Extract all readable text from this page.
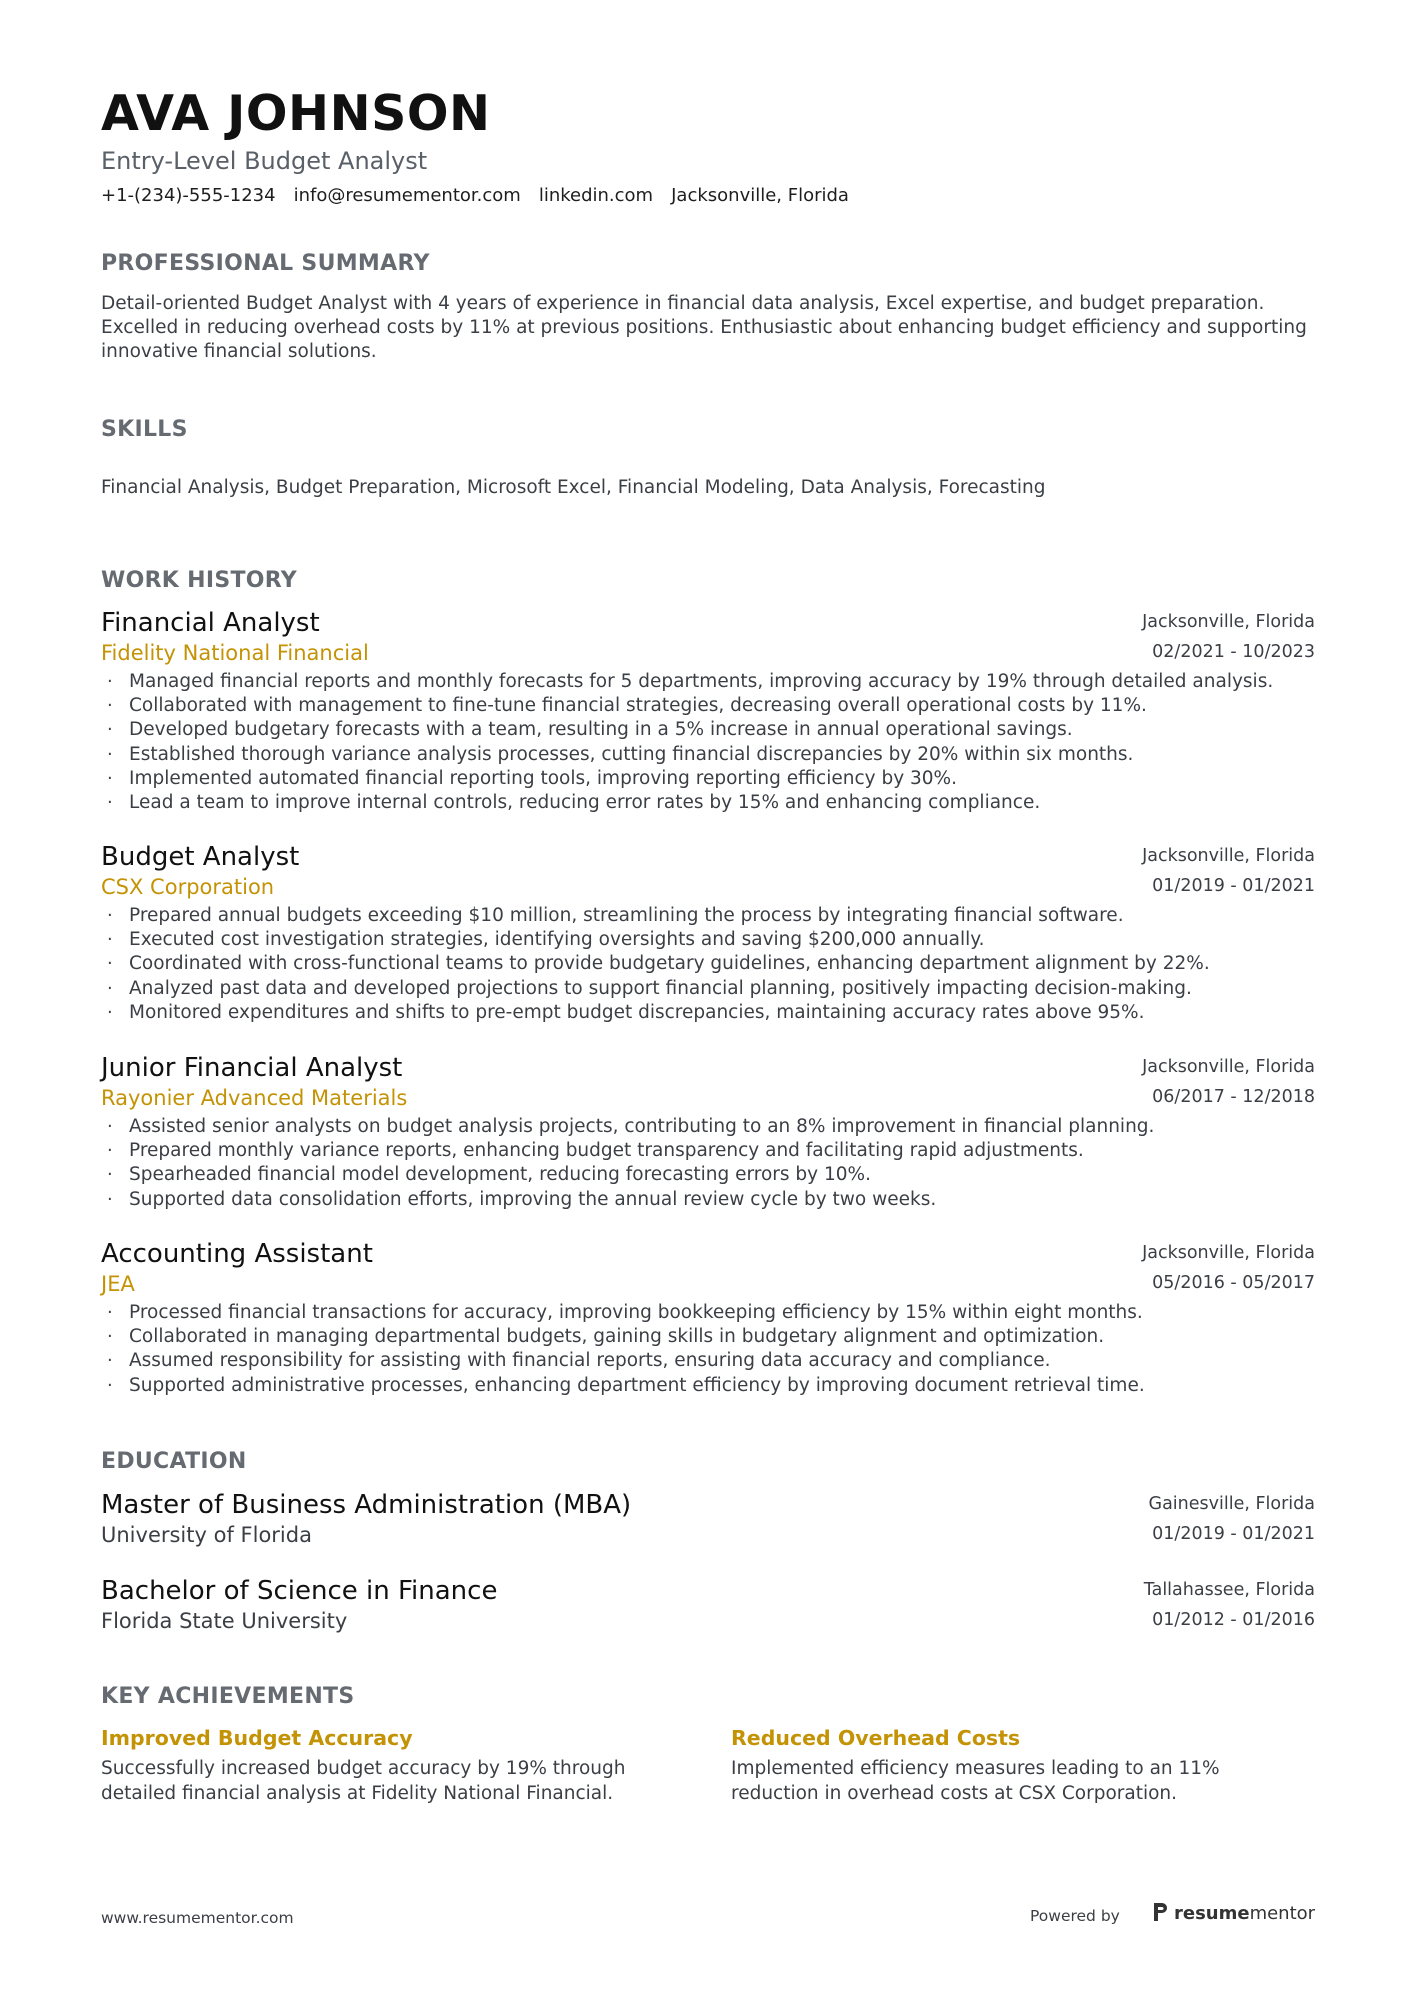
AVA JOHNSON
Entry-Level Budget Analyst
+1-(234)-555-1234 info@resumementor.com linkedin.com Jacksonville, Florida
PROFESSIONAL SUMMARY

Detail-oriented Budget Analyst with 4 years of experience in financial data analysis, Excel expertise, and budget preparation. Excelled in reducing overhead costs by 11% at previous positions. Enthusiastic about enhancing budget efficiency and supporting innovative financial solutions.

SKILLS

Financial Analysis, Budget Preparation, Microsoft Excel, Financial Modeling, Data Analysis, Forecasting

WORK HISTORY
Financial Analyst
Fidelity National Financial
Jacksonville, Florida
02/2021 - 10/2023
· Managed financial reports and monthly forecasts for 5 departments, improving accuracy by 19% through detailed analysis.
· Collaborated with management to fine-tune financial strategies, decreasing overall operational costs by 11%.
· Developed budgetary forecasts with a team, resulting in a 5% increase in annual operational savings.
· Established thorough variance analysis processes, cutting financial discrepancies by 20% within six months.
· Implemented automated financial reporting tools, improving reporting efficiency by 30%.
· Lead a team to improve internal controls, reducing error rates by 15% and enhancing compliance.
Budget Analyst
CSX Corporation
Jacksonville, Florida
01/2019 - 01/2021
· Prepared annual budgets exceeding $10 million, streamlining the process by integrating financial software.
· Executed cost investigation strategies, identifying oversights and saving $200,000 annually.
· Coordinated with cross-functional teams to provide budgetary guidelines, enhancing department alignment by 22%.
· Analyzed past data and developed projections to support financial planning, positively impacting decision-making.
· Monitored expenditures and shifts to pre-empt budget discrepancies, maintaining accuracy rates above 95%.
Junior Financial Analyst
Rayonier Advanced Materials
Jacksonville, Florida
06/2017 - 12/2018
· Assisted senior analysts on budget analysis projects, contributing to an 8% improvement in financial planning.
· Prepared monthly variance reports, enhancing budget transparency and facilitating rapid adjustments.
· Spearheaded financial model development, reducing forecasting errors by 10%.
· Supported data consolidation efforts, improving the annual review cycle by two weeks.
Accounting Assistant
JEA
Jacksonville, Florida
05/2016 - 05/2017
· Processed financial transactions for accuracy, improving bookkeeping efficiency by 15% within eight months.
· Collaborated in managing departmental budgets, gaining skills in budgetary alignment and optimization.
· Assumed responsibility for assisting with financial reports, ensuring data accuracy and compliance.
· Supported administrative processes, enhancing department efficiency by improving document retrieval time.
EDUCATION
Master of Business Administration (MBA)
University of Florida
Gainesville, Florida
01/2019 - 01/2021
Bachelor of Science in Finance
Florida State University
Tallahassee, Florida
01/2012 - 01/2016
KEY ACHIEVEMENTS

Improved Budget Accuracy

Successfully increased budget accuracy by 19% through detailed financial analysis at Fidelity National Financial.

Reduced Overhead Costs

Implemented efficiency measures leading to an 11% reduction in overhead costs at CSX Corporation.

www.resumementor.com	Powered by	resumementor
